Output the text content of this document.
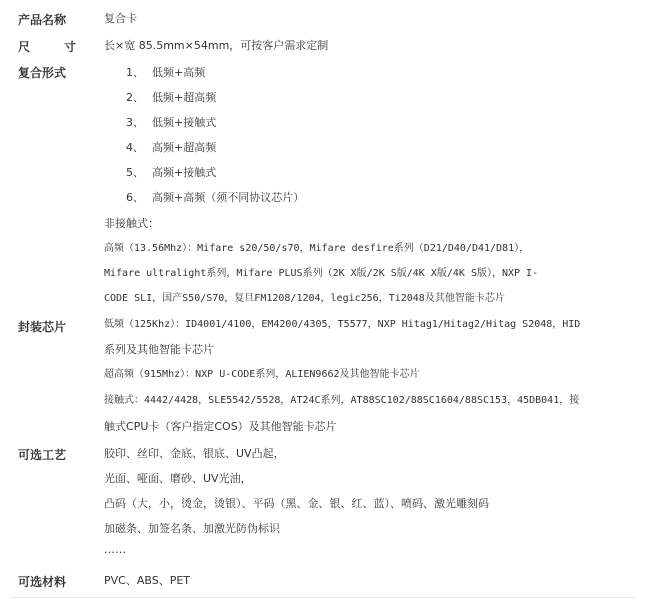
产品名称
尺 寸
复合形式
封装芯片
可选工艺
可选材料
复合卡
长×宽 85.5mm×54mm，可按客户需求定制
1、 低频+高频
2、 低频+超高频
3、 低频+接触式
4、 高频+超高频
5、 高频+接触式
6、 高频+高频（须不同协议芯片）
非接触式：
高频（13.56Mhz）：Mifare s20/50/s70，Mifare desfire系列（D21/D40/D41/D81），
Mifare ultralight系列，Mifare PLUS系列（2K X版/2K S版/4K X版/4K S版），NXP I-
CODE SLI，国产S50/S70，复旦FM1208/1204，legic256，Ti2048及其他智能卡芯片
低频（125Khz）：ID4001/4100，EM4200/4305，T5577，NXP Hitag1/Hitag2/Hitag S2048，HID
系列及其他智能卡芯片
超高频（915Mhz）：NXP U-CODE系列，ALIEN9662及其他智能卡芯片
接触式：4442/4428，SLE5542/5528，AT24C系列，AT88SC102/88SC1604/88SC153，45DB041，接
触式CPU卡（客户指定COS）及其他智能卡芯片
胶印、丝印、金底、银底、UV凸起，
光面、哑面、磨砂、UV光油，
凸码（大，小，烫金，烫银）、平码（黑、金、银、红、蓝）、喷码、激光雕刻码
加磁条、加签名条、加激光防伪标识
……
PVC、ABS、PET
